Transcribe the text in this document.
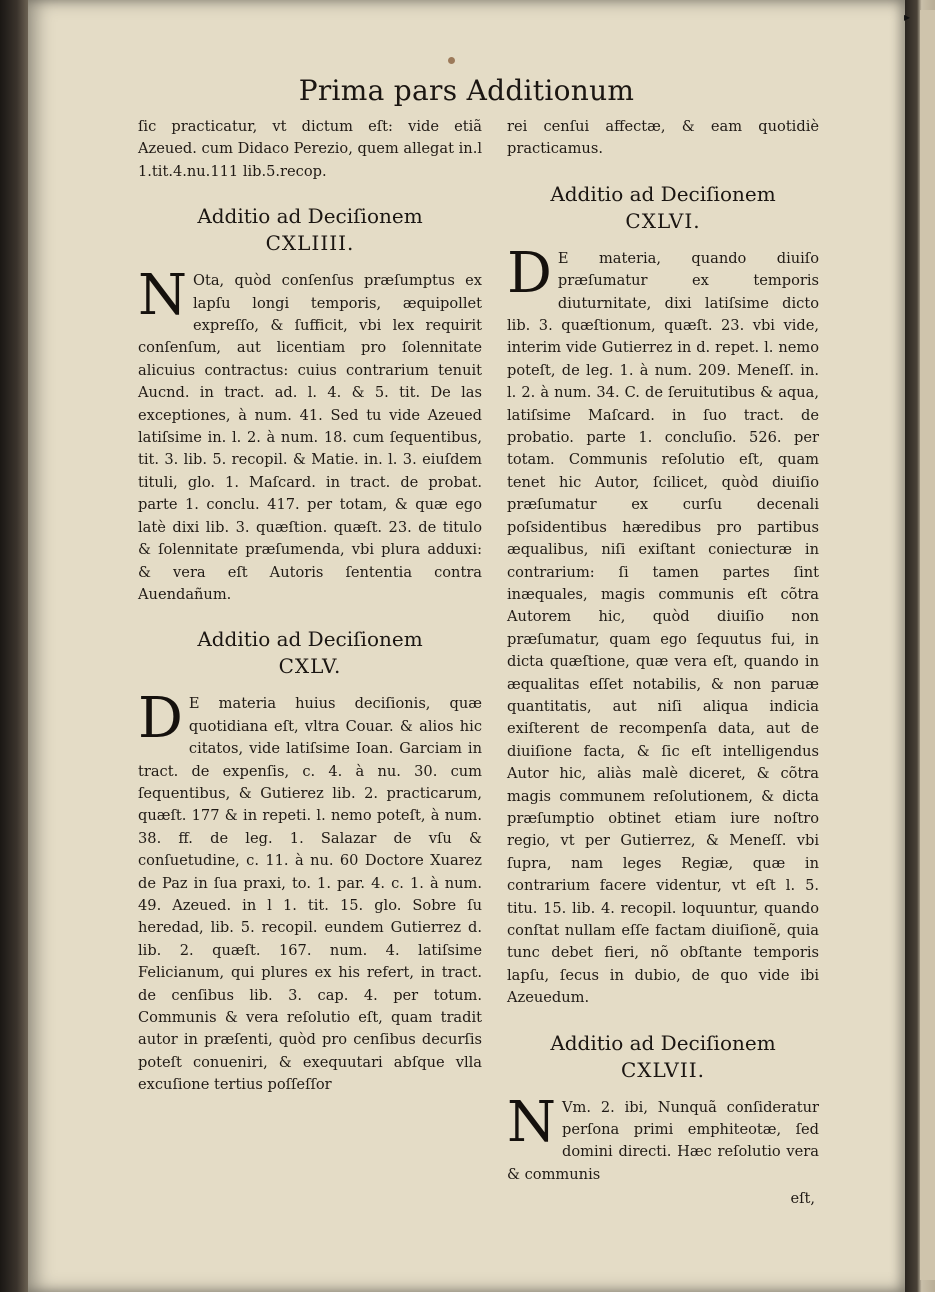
▸
Prima pars Additionum

ſic practicatur, vt dictum eſt: vide etiã Azeued. cum Didaco Perezio, quem allegat in.l 1.tit.4.nu.111 lib.5.recop.

Additio ad Deciſionem
CXLIIII.
N Ota, quòd conſenſus præſumptus ex lapſu longi temporis, æquipollet expreſſo, & ſufficit, vbi lex requirit conſenſum, aut licentiam pro ſolennitate alicuius contractus: cuius contrarium tenuit Aucnd. in tract. ad. l. 4. & 5. tit. De las exceptiones, à num. 41. Sed tu vide Azeued latiſsime in. l. 2. à num. 18. cum ſequentibus, tit. 3. lib. 5. recopil. & Matie. in. l. 3. eiuſdem tituli, glo. 1. Maſcard. in tract. de probat. parte 1. conclu. 417. per totam, & quæ ego latè dixi lib. 3. quæſtion. quæſt. 23. de titulo & ſolennitate præſumenda, vbi plura adduxi: & vera eſt Autoris ſententia contra Auendañum.
Additio ad Deciſionem
CXLV.
D E materia huius deciſionis, quæ quotidiana eſt, vltra Couar. & alios hic citatos, vide latiſsime Ioan. Garciam in tract. de expenſis, c. 4. à nu. 30. cum ſequentibus, & Gutierez lib. 2. practicarum, quæſt. 177 & in repeti. l. nemo poteſt, à num. 38. ff. de leg. 1. Salazar de vſu & conſuetudine, c. 11. à nu. 60 Doctore Xuarez de Paz in ſua praxi, to. 1. par. 4. c. 1. à num. 49. Azeued. in l 1. tit. 15. glo. Sobre ſu heredad, lib. 5. recopil. eundem Gutierrez d. lib. 2. quæſt. 167. num. 4. latiſsime Felicianum, qui plures ex his refert, in tract. de cenſibus lib. 3. cap. 4. per totum. Communis & vera reſolutio eſt, quam tradit autor in præſenti, quòd pro cenſibus decurſis poteſt conueniri, & exequutari abſque vlla excuſione tertius poſſeſſor

rei cenſui affectæ, & eam quotidiè practicamus.

Additio ad Deciſionem
CXLVI.
D E materia, quando diuiſo præſumatur ex temporis diuturnitate, dixi latiſsime dicto lib. 3. quæſtionum, quæſt. 23. vbi vide, interim vide Gutierrez in d. repet. l. nemo poteſt, de leg. 1. à num. 209. Meneſſ. in. l. 2. à num. 34. C. de ſeruitutibus & aqua, latiſsime Maſcard. in ſuo tract. de probatio. parte 1. concluſio. 526. per totam. Communis reſolutio eſt, quam tenet hic Autor, ſcilicet, quòd diuiſio præſumatur ex curſu decenali poſsidentibus hæredibus pro partibus æqualibus, niſi exiſtant coniecturæ in contrarium: ſi tamen partes ſint inæquales, magis communis eſt cõtra Autorem hic, quòd diuiſio non præſumatur, quam ego ſequutus fui, in dicta quæſtione, quæ vera eſt, quando in æqualitas eſſet notabilis, & non paruæ quantitatis, aut niſi aliqua indicia exiſterent de recompenſa data, aut de diuiſione facta, & ſic eſt intelligendus Autor hic, aliàs malè diceret, & cõtra magis communem reſolutionem, & dicta præſumptio obtinet etiam iure noſtro regio, vt per Gutierrez, & Meneſſ. vbi ſupra, nam leges Regiæ, quæ in contrarium facere videntur, vt eſt l. 5. titu. 15. lib. 4. recopil. loquuntur, quando conſtat nullam eſſe factam diuiſionẽ, quia tunc debet fieri, nõ obſtante temporis lapſu, ſecus in dubio, de quo vide ibi Azeuedum.
Additio ad Deciſionem
CXLVII.
N Vm. 2. ibi, Nunquã conſideratur perſona primi emphiteotæ, ſed domini directi. Hæc reſolutio vera & communis
eſt,
